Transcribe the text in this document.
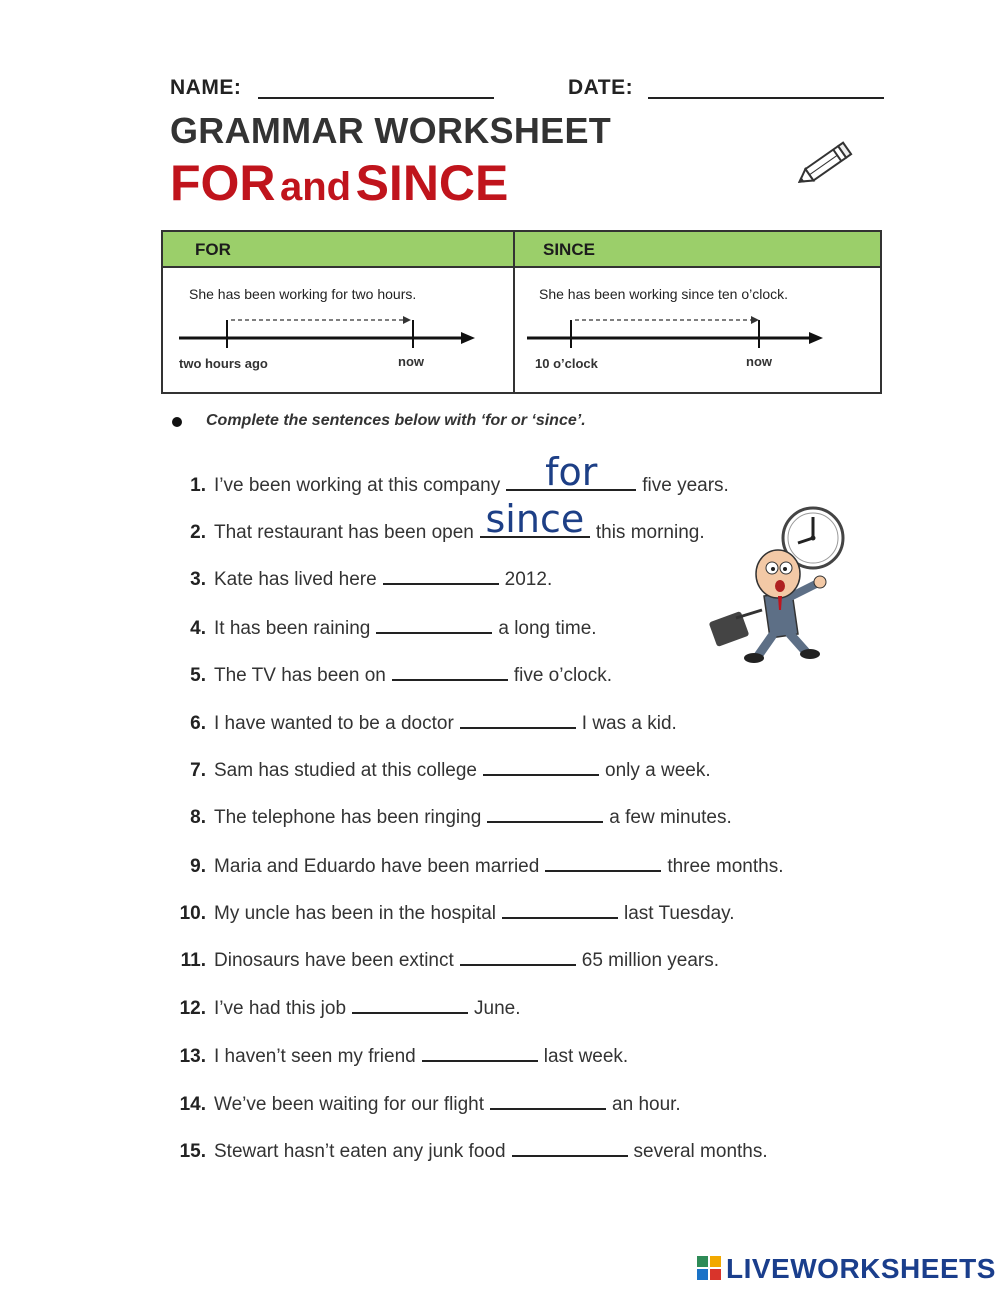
NAME:	DATE:
GRAMMAR WORKSHEET
FOR and SINCE
FOR	SINCE
She has been working for two hours.	She has been working since ten o’clock.
two hours ago	now	10 o’clock	now
Complete the sentences below with ‘for or ‘since’.
1. I’ve been working at this company	for	five years.
2. That restaurant has been open since this morning.
3. Kate has lived here	2012.
4. It has been raining	a long time.
5. The TV has been on	five o’clock.
6. I have wanted to be a doctor	I was a kid.
7. Sam has studied at this college	only a week.
8. The telephone has been ringing	a few minutes.
9. Maria and Eduardo have been married	three months.
10. My uncle has been in the hospital	last Tuesday.
11. Dinosaurs have been extinct	65 million years.
12. I’ve had this job	June.
13. I haven’t seen my friend	last week.
14. We’ve been waiting for our flight	an hour.
15. Stewart hasn’t eaten any junk food	several months.
LIVEWORKSHEETS
